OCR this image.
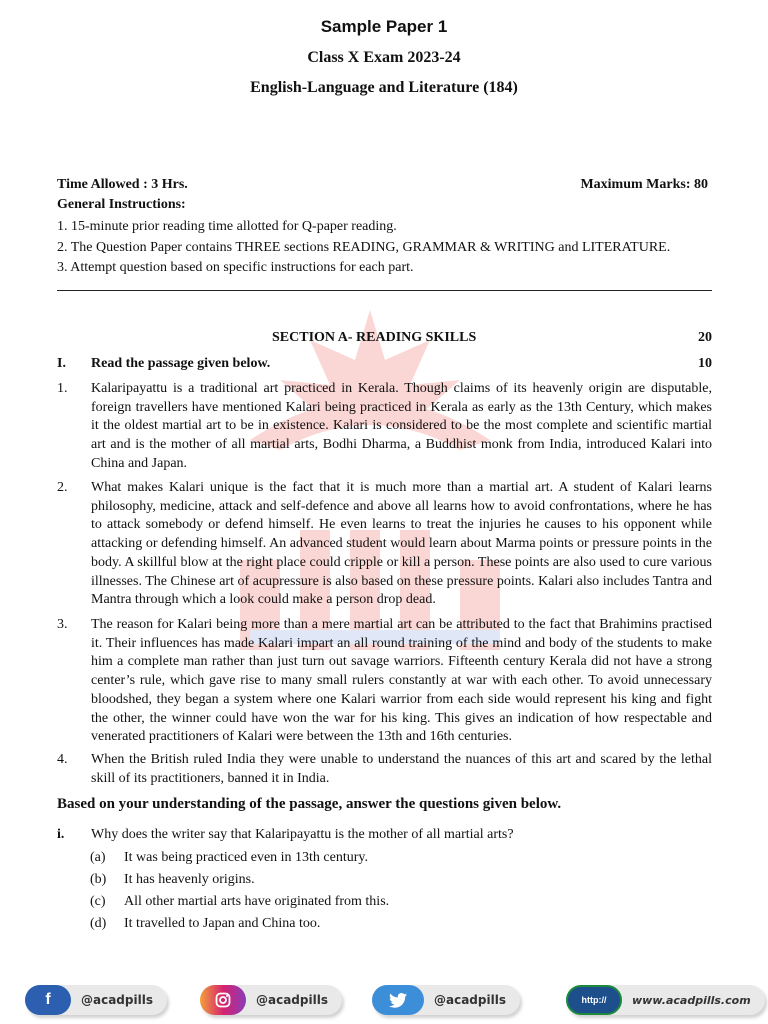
Sample Paper 1
Class X Exam 2023-24
English-Language and Literature (184)
Time Allowed : 3 Hrs.	Maximum Marks: 80
General Instructions:
1. 15-minute prior reading time allotted for Q-paper reading.
2. The Question Paper contains THREE sections READING, GRAMMAR & WRITING and LITERATURE.
3. Attempt question based on specific instructions for each part.
SECTION A- READING SKILLS	20
I. Read the passage given below.	10
1. Kalaripayattu is a traditional art practiced in Kerala. Though claims of its heavenly origin are disputable, foreign travellers have mentioned Kalari being practiced in Kerala as early as the 13th Century, which makes it the oldest martial art to be in existence. Kalari is considered to be the most complete and scientific martial art and is the mother of all martial arts, Bodhi Dharma, a Buddhist monk from India, introduced Kalari into China and Japan.
2. What makes Kalari unique is the fact that it is much more than a martial art. A student of Kalari learns philosophy, medicine, attack and self-defence and above all learns how to avoid confrontations, where he has to attack somebody or defend himself. He even learns to treat the injuries he causes to his opponent while attacking or defending himself. An advanced student would learn about Marma points or pressure points in the body. A skillful blow at the right place could cripple or kill a person. These points are also used to cure various illnesses. The Chinese art of acupressure is also based on these pressure points. Kalari also includes Tantra and Mantra through which a look could make a person drop dead.
3. The reason for Kalari being more than a mere martial art can be attributed to the fact that Brahimins practised it. Their influences has made Kalari impart an all round training of the mind and body of the students to make him a complete man rather than just turn out savage warriors. Fifteenth century Kerala did not have a strong center’s rule, which gave rise to many small rulers constantly at war with each other. To avoid unnecessary bloodshed, they began a system where one Kalari warrior from each side would represent his king and fight the other, the winner could have won the war for his king. This gives an indication of how respectable and venerated practitioners of Kalari were between the 13th and 16th centuries.
4. When the British ruled India they were unable to understand the nuances of this art and scared by the lethal skill of its practitioners, banned it in India.
Based on your understanding of the passage, answer the questions given below.
i. Why does the writer say that Kalaripayattu is the mother of all martial arts?
(a) It was being practiced even in 13th century.
(b) It has heavenly origins.
(c) All other martial arts have originated from this.
(d) It travelled to Japan and China too.
f	@acadpills	@acadpills	@acadpills	http://	www.acadpills.com
